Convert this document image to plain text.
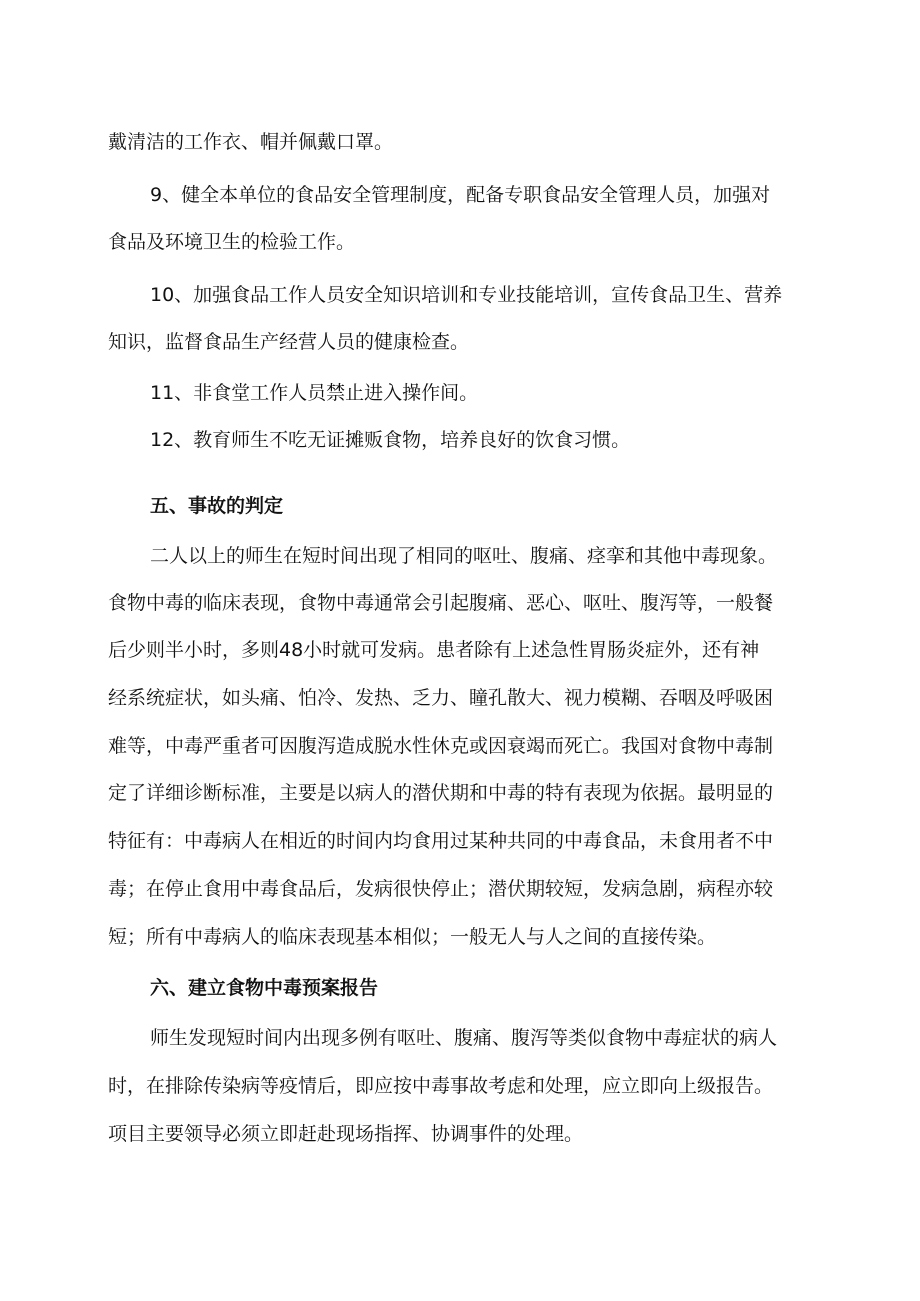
戴清洁的工作衣、帽并佩戴口罩。
9、健全本单位的食品安全管理制度，配备专职食品安全管理人员，加强对
食品及环境卫生的检验工作。
10、加强食品工作人员安全知识培训和专业技能培训，宣传食品卫生、营养
知识，监督食品生产经营人员的健康检查。
11、非食堂工作人员禁止进入操作间。
12、教育师生不吃无证摊贩食物，培养良好的饮食习惯。
五、事故的判定
二人以上的师生在短时间出现了相同的呕吐、腹痛、痉挛和其他中毒现象。
食物中毒的临床表现，食物中毒通常会引起腹痛、恶心、呕吐、腹泻等，一般餐
后少则半小时，多则48小时就可发病。患者除有上述急性胃肠炎症外，还有神
经系统症状，如头痛、怕冷、发热、乏力、瞳孔散大、视力模糊、吞咽及呼吸困
难等，中毒严重者可因腹泻造成脱水性休克或因衰竭而死亡。我国对食物中毒制
定了详细诊断标准，主要是以病人的潜伏期和中毒的特有表现为依据。最明显的
特征有：中毒病人在相近的时间内均食用过某种共同的中毒食品，未食用者不中
毒；在停止食用中毒食品后，发病很快停止；潜伏期较短，发病急剧，病程亦较
短；所有中毒病人的临床表现基本相似；一般无人与人之间的直接传染。
六、建立食物中毒预案报告
师生发现短时间内出现多例有呕吐、腹痛、腹泻等类似食物中毒症状的病人
时，在排除传染病等疫情后，即应按中毒事故考虑和处理，应立即向上级报告。
项目主要领导必须立即赶赴现场指挥、协调事件的处理。
